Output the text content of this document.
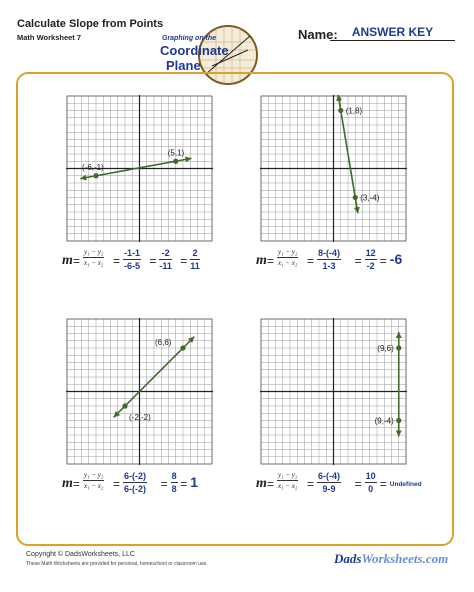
Calculate Slope from Points
Math Worksheet 7	Graphing on the
Coordinate
Plane
Name:	ANSWER KEY
(-6,-1)
(5,1)
$m = \frac{\text{y₁ − y₂}}{\text{x₁ − x₂}} = \frac{-1-1}{-6-5} = \frac{-2}{-11} = \frac{2}{11}$
(1,8)
(3,-4)
$m = \frac{\text{y₁ − y₂}}{\text{x₁ − x₂}} = \frac{8-(-4)}{1-3} = \frac{12}{-2} = -6$
(6,6)
(-2,-2)
$m = \frac{\text{y₁ − y₂}}{\text{x₁ − x₂}} = \frac{6-(-2)}{6-(-2)} = \frac{8}{8} = 1$
(9,6)
(9,-4)
$m = \frac{\text{y₁ − y₂}}{\text{x₁ − x₂}} = \frac{6-(-4)}{9-9} = \frac{10}{0}$ = Undefined
Copyright © DadsWorksheets, LLC
These Math Worksheets are provided for personal, homeschool or classroom use.	DadsWorksheets.com
